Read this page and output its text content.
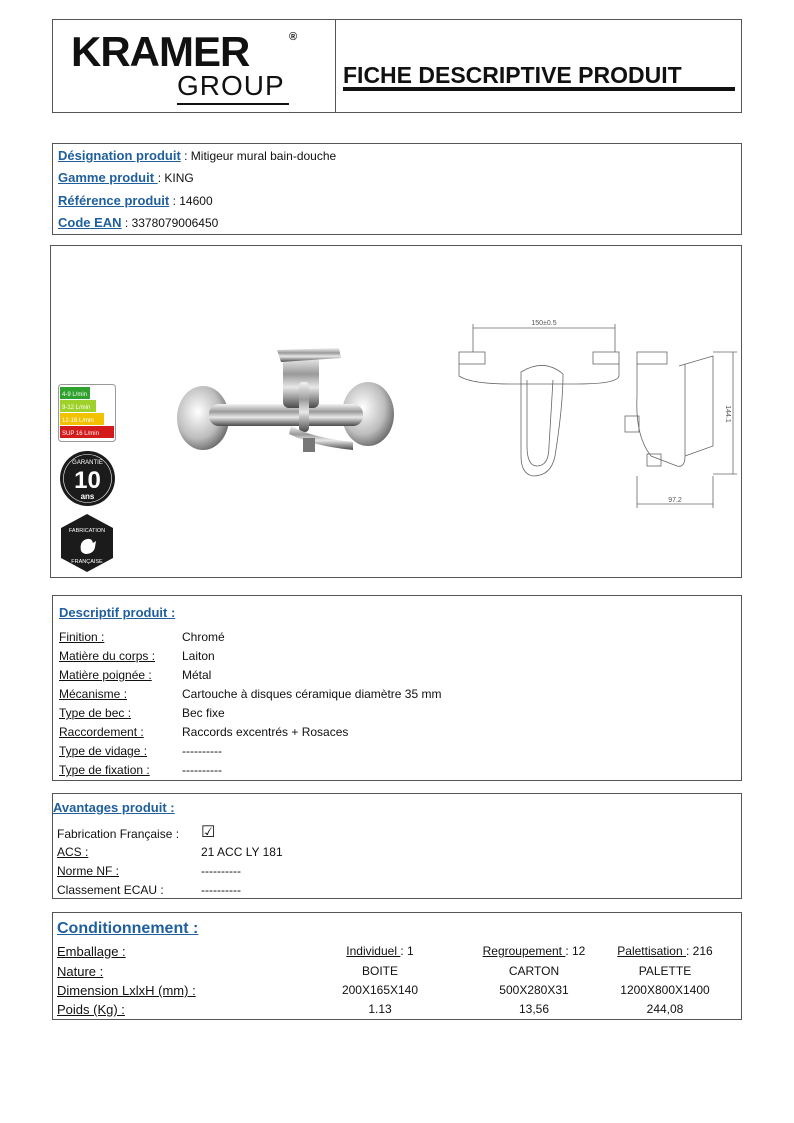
KRAMER	®
GROUP	FICHE DESCRIPTIVE PRODUIT
Désignation produit : Mitigeur mural bain-douche
Gamme produit : KING
Référence produit : 14600
Code EAN : 3378079006450
4-9 L/min
9-12 L/min
12-16 L/min
SUP 16 L/min
GARANTIE
10
ans
FABRICATION
FRANÇAISE
150±0.5
144.1
97.2
Descriptif produit :
Finition :	Chromé
Matière du corps : Laiton
Matière poignée :	Métal
Mécanisme :	Cartouche à disques céramique diamètre 35 mm
Type de bec :	Bec fixe
Raccordement :	Raccords excentrés + Rosaces
Type de vidage :	----------
Type de fixation :	----------
Avantages produit :
Fabrication Française : ☑
ACS :	21 ACC LY 181
Norme NF :	----------
Classement ECAU :	----------
Conditionnement :
Emballage :	Individuel : 1	Regroupement : 12	Palettisation : 216
Nature :	BOITE	CARTON	PALETTE
Dimension LxlxH (mm) :	200X165X140	500X280X31	1200X800X1400
Poids (Kg) :	1.13	13,56	244,08
